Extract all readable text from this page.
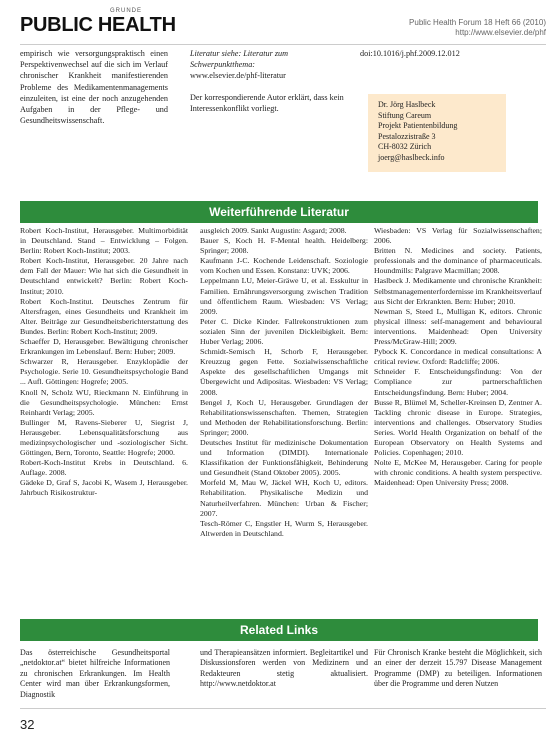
GRUNDE
PUBLIC HEALTH	Public Health Forum 18 Heft 66 (2010)
http://www.elsevier.de/phf
empirisch wie versorgungspraktisch einen Perspektivenwechsel auf die sich im Verlauf chronischer Krankheit manifestierenden Probleme des Medikamentenmanagements einzuleiten, ist eine der noch anzugehenden Aufgaben in der Pflege- und Gesundheitswissenschaft.
Literatur siehe: Literatur zum Schwerpunktthema:
www.elsevier.de/phf-literatur
Der korrespondierende Autor erklärt, dass kein Interessenkonflikt vorliegt.
doi:10.1016/j.phf.2009.12.012
Dr. Jörg Haslbeck
Stiftung Careum
Projekt Patientenbildung
Pestalozzistraße 3
CH-8032 Zürich
joerg@haslbeck.info
Weiterführende Literatur

Robert Koch-Institut, Herausgeber. Multimorbidität in Deutschland. Stand – Entwicklung – Folgen. Berlin: Robert Koch-Institut; 2003.

Robert Koch-Institut, Herausgeber. 20 Jahre nach dem Fall der Mauer: Wie hat sich die Gesundheit in Deutschland entwickelt? Berlin: Robert Koch-Institut; 2010.

Robert Koch-Institut. Deutsches Zentrum für Altersfragen, eines Gesundheits und Krankheit im Alter. Beiträge zur Gesundheitsberichterstattung des Bundes. Berlin: Robert Koch-Institut; 2009.

Schaeffer D, Herausgeber. Bewältigung chronischer Erkrankungen im Lebenslauf. Bern: Huber; 2009.

Schwarzer R, Herausgeber. Enzyklopädie der Psychologie. Serie 10. Gesundheitspsychologie Band ... Aufl. Göttingen: Hogrefe; 2005.

Knoll N, Scholz WU, Rieckmann N. Einführung in die Gesundheitspsychologie. München: Ernst Reinhardt Verlag; 2005.

Bullinger M, Ravens-Sieberer U, Siegrist J, Herausgeber. Lebensqualitätsforschung aus medizinpsychologischer und -soziologischer Sicht. Göttingen, Bern, Toronto, Seattle: Hogrefe; 2000.

Robert-Koch-Institut Krebs in Deutschland. 6. Auflage. 2008.

Gädeke D, Graf S, Jacobi K, Wasem J, Herausgeber. Jahrbuch Risikostruktur-

ausgleich 2009. Sankt Augustin: Asgard; 2008.

Bauer S, Koch H. F-Mental health. Heidelberg: Springer; 2008.

Kaufmann J-C. Kochende Leidenschaft. Soziologie vom Kochen und Essen. Konstanz: UVK; 2006.

Leppelmann LU, Meier-Gräwe U, et al. Esskultur in Familien. Ernährungsversorgung zwischen Tradition und öffentlichem Raum. Wiesbaden: VS Verlag; 2009.

Peter C. Dicke Kinder. Fallrekonstruktionen zum sozialen Sinn der juvenilen Dickleibigkeit. Bern: Huber Verlag; 2006.

Schmidt-Semisch H, Schorb F, Herausgeber. Kreuzzug gegen Fette. Sozialwissenschaftliche Aspekte des gesellschaftlichen Umgangs mit Übergewicht und Adipositas. Wiesbaden: VS Verlag; 2008.

Bengel J, Koch U, Herausgeber. Grundlagen der Rehabilitationswissenschaften. Themen, Strategien und Methoden der Rehabilitationsforschung. Berlin: Springer; 2000.

Deutsches Institut für medizinische Dokumentation und Information (DIMDI). Internationale Klassifikation der Funktionsfähigkeit, Behinderung und Gesundheit (Stand Oktober 2005). 2005.

Morfeld M, Mau W, Jäckel WH, Koch U, editors. Rehabilitation. Physikalische Medizin und Naturheilverfahren. München: Urban & Fischer; 2007.

Tesch-Römer C, Engstler H, Wurm S, Herausgeber. Altwerden in Deutschland.

Wiesbaden: VS Verlag für Sozialwissenschaften; 2006.

Britten N. Medicines and society. Patients, professionals and the dominance of pharmaceuticals. Houndmills: Palgrave Macmillan; 2008.

Haslbeck J. Medikamente und chronische Krankheit: Selbstmanagementerfordernisse im Krankheitsverlauf aus Sicht der Erkrankten. Bern: Huber; 2010.

Newman S, Steed L, Mulligan K, editors. Chronic physical illness: self-management and behavioural interventions. Maidenhead: Open University Press/McGraw-Hill; 2009.

Pybock K. Concordance in medical consultations: A critical review. Oxford: Radcliffe; 2006.

Schneider F. Entscheidungsfindung: Von der Compliance zur partnerschaftlichen Entscheidungsfindung. Bern: Huber; 2004.

Busse R, Blümel M, Scheller-Kreinsen D, Zentner A. Tackling chronic disease in Europe. Strategies, interventions and challenges. Observatory Studies Series. World Health Organization on behalf of the European Observatory on Health Systems and Policies. Copenhagen; 2010.

Nolte E, McKee M, Herausgeber. Caring for people with chronic conditions. A health system perspective. Maidenhead: Open University Press; 2008.

Related Links
Das österreichische Gesundheitsportal „netdoktor.at“ bietet hilfreiche Informationen zu chronischen Erkrankungen. Im Health Center wird man über Erkrankungsformen, Diagnostik
und Therapieansätzen informiert. Begleitartikel und Diskussionsforen werden von Medizinern und Redakteuren stetig aktualisiert. http://www.netdoktor.at
Für Chronisch Kranke besteht die Möglichkeit, sich an einer der derzeit 15.797 Disease Management Programme (DMP) zu beteiligen. Informationen über die Programme und deren Nutzen
32
